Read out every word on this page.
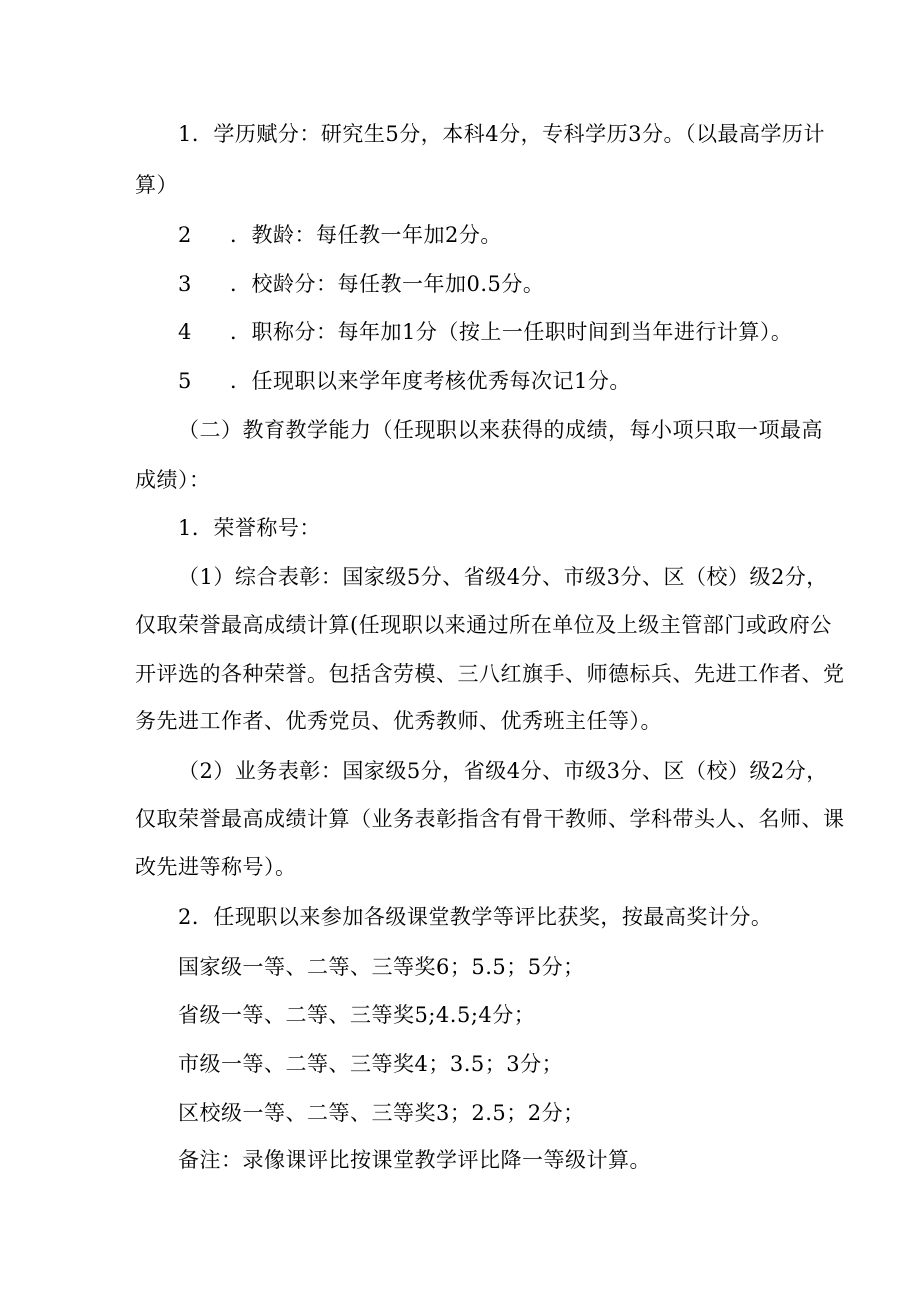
1．学历赋分：研究生5分，本科4分，专科学历3分。（以最高学历计
算）
2 ．教龄：每任教一年加2分。
3 ．校龄分：每任教一年加0.5分。
4 ．职称分：每年加1分（按上一任职时间到当年进行计算）。
5 ．任现职以来学年度考核优秀每次记1分。
（二）教育教学能力（任现职以来获得的成绩，每小项只取一项最高
成绩）：
1．荣誉称号：
（1）综合表彰：国家级5分、省级4分、市级3分、区（校）级2分，
仅取荣誉最高成绩计算(任现职以来通过所在单位及上级主管部门或政府公
开评选的各种荣誉。包括含劳模、三八红旗手、师德标兵、先进工作者、党
务先进工作者、优秀党员、优秀教师、优秀班主任等）。
（2）业务表彰：国家级5分，省级4分、市级3分、区（校）级2分，
仅取荣誉最高成绩计算（业务表彰指含有骨干教师、学科带头人、名师、课
改先进等称号）。
2．任现职以来参加各级课堂教学等评比获奖，按最高奖计分。
国家级一等、二等、三等奖6；5.5；5分；
省级一等、二等、三等奖5;4.5;4分；
市级一等、二等、三等奖4；3.5；3分；
区校级一等、二等、三等奖3；2.5；2分；
备注：录像课评比按课堂教学评比降一等级计算。
